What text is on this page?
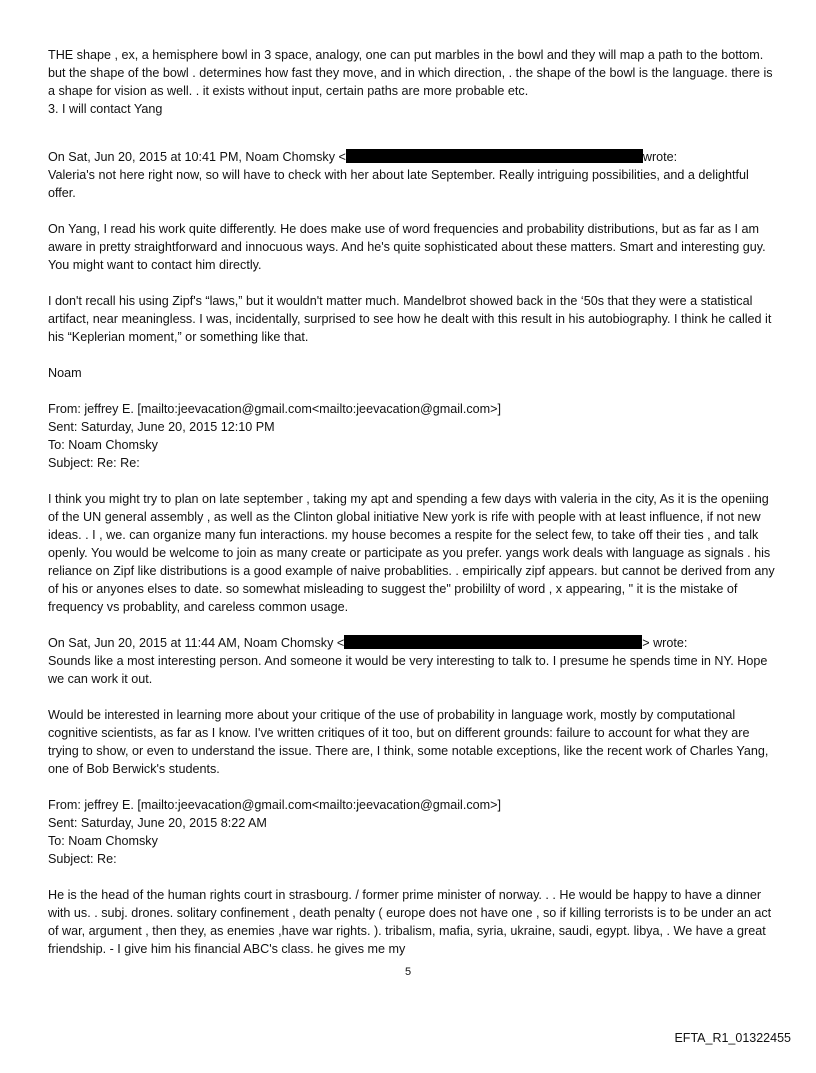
THE shape , ex, a hemisphere bowl in 3 space, analogy, one can put marbles in the bowl and they will map a path to the bottom. but the shape of the bowl . determines how fast they move, and in which direction, . the shape of the bowl is the language. there is a shape for vision as well. . it exists without input, certain paths are more probable etc.

3. I will contact Yang

On Sat, Jun 20, 2015 at 10:41 PM, Noam Chomsky <	wrote:

Valeria's not here right now, so will have to check with her about late September. Really intriguing possibilities, and a delightful offer.

On Yang, I read his work quite differently. He does make use of word frequencies and probability distributions, but as far as I am aware in pretty straightforward and innocuous ways. And he's quite sophisticated about these matters. Smart and interesting guy. You might want to contact him directly.

I don't recall his using Zipf's “laws,” but it wouldn't matter much. Mandelbrot showed back in the ‘50s that they were a statistical artifact, near meaningless. I was, incidentally, surprised to see how he dealt with this result in his autobiography. I think he called it his “Keplerian moment,” or something like that.

Noam

From: jeffrey E. [mailto:jeevacation@gmail.com<mailto:jeevacation@gmail.com>]

Sent: Saturday, June 20, 2015 12:10 PM

To: Noam Chomsky

Subject: Re: Re:

I think you might try to plan on late september , taking my apt and spending a few days with valeria in the city, As it is the openiing of the UN general assembly , as well as the Clinton global initiative New york is rife with people with at least influence, if not new ideas. . I , we. can organize many fun interactions. my house becomes a respite for the select few, to take off their ties , and talk openly. You would be welcome to join as many create or participate as you prefer. yangs work deals with language as signals . his reliance on Zipf like distributions is a good example of naive probablities. . empirically zipf appears. but cannot be derived from any of his or anyones elses to date. so somewhat misleading to suggest the" probililty of word , x appearing, " it is the mistake of frequency vs probablity, and careless common usage.

On Sat, Jun 20, 2015 at 11:44 AM, Noam Chomsky <	> wrote:

Sounds like a most interesting person. And someone it would be very interesting to talk to. I presume he spends time in NY. Hope we can work it out.

Would be interested in learning more about your critique of the use of probability in language work, mostly by computational cognitive scientists, as far as I know. I've written critiques of it too, but on different grounds: failure to account for what they are trying to show, or even to understand the issue. There are, I think, some notable exceptions, like the recent work of Charles Yang, one of Bob Berwick's students.

From: jeffrey E. [mailto:jeevacation@gmail.com<mailto:jeevacation@gmail.com>]

Sent: Saturday, June 20, 2015 8:22 AM

To: Noam Chomsky

Subject: Re:

He is the head of the human rights court in strasbourg. / former prime minister of norway. . . He would be happy to have a dinner with us. . subj. drones. solitary confinement , death penalty ( europe does not have one , so if killing terrorists is to be under an act of war, argument , then they, as enemies ,have war rights. ). tribalism, mafia, syria, ukraine, saudi, egypt. libya, . We have a great friendship. - I give him his financial ABC's class. he gives me my

5
EFTA_R1_01322455
